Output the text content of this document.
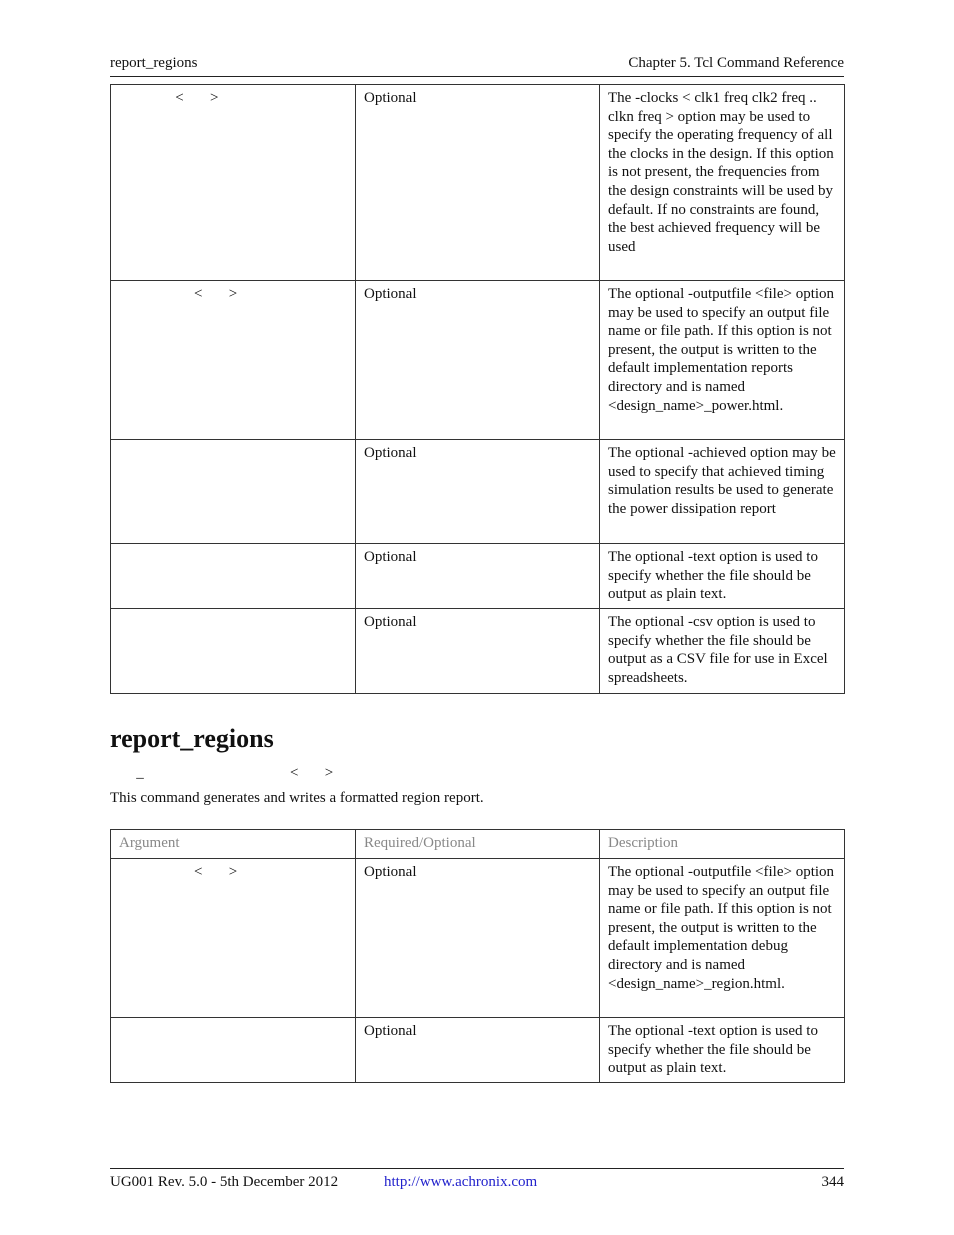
report_regions	Chapter 5. Tcl Command Reference
<       >	Optional	The -clocks < clk1 freq clk2 freq .. clkn freq > option may be used to specify the operating frequency of all the clocks in the design. If this option is not present, the frequencies from the design constraints will be used by default. If no constraints are found, the best achieved frequency will be used
<       >	Optional	The optional -outputfile <file> option may be used to specify an output file name or file path. If this option is not present, the output is written to the default implementation reports directory and is named <design_name>_power.html.
	Optional	The optional -achieved option may be used to specify that achieved timing simulation results be used to generate the power dissipation report
	Optional	The optional -text option is used to specify whether the file should be output as plain text.
	Optional	The optional -csv option is used to specify whether the file should be output as a CSV file for use in Excel spreadsheets.
report_regions
_                                       <       >
This command generates and writes a formatted region report.
Argument	Required/Optional	Description
<       >	Optional	The optional -outputfile <file> option may be used to specify an output file name or file path. If this option is not present, the output is written to the default implementation debug directory and is named <design_name>_region.html.
	Optional	The optional -text option is used to specify whether the file should be output as plain text.
UG001 Rev. 5.0 - 5th December 2012	http://www.achronix.com	344
